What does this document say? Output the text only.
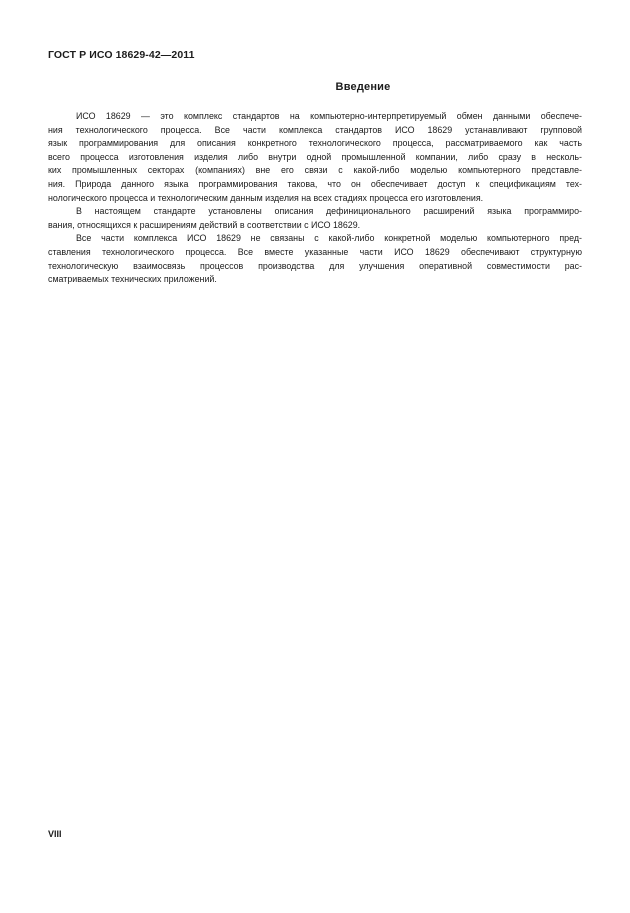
ГОСТ Р ИСО 18629-42—2011
Введение
ИСО 18629 — это комплекс стандартов на компьютерно-интерпретируемый обмен данными обеспече-
ния технологического процесса. Все части комплекса стандартов ИСО 18629 устанавливают групповой
язык программирования для описания конкретного технологического процесса, рассматриваемого как часть
всего процесса изготовления изделия либо внутри одной промышленной компании, либо сразу в несколь-
ких промышленных секторах (компаниях) вне его связи с какой-либо моделью компьютерного представле-
ния. Природа данного языка программирования такова, что он обеспечивает доступ к спецификациям тех-
нологического процесса и технологическим данным изделия на всех стадиях процесса его изготовления.
В настоящем стандарте установлены описания дефиниционального расширений языка программиро-
вания, относящихся к расширениям действий в соответствии с ИСО 18629.
Все части комплекса ИСО 18629 не связаны с какой-либо конкретной моделью компьютерного пред-
ставления технологического процесса. Все вместе указанные части ИСО 18629 обеспечивают структурную
технологическую взаимосвязь процессов производства для улучшения оперативной совместимости рас-
сматриваемых технических приложений.
VIII
